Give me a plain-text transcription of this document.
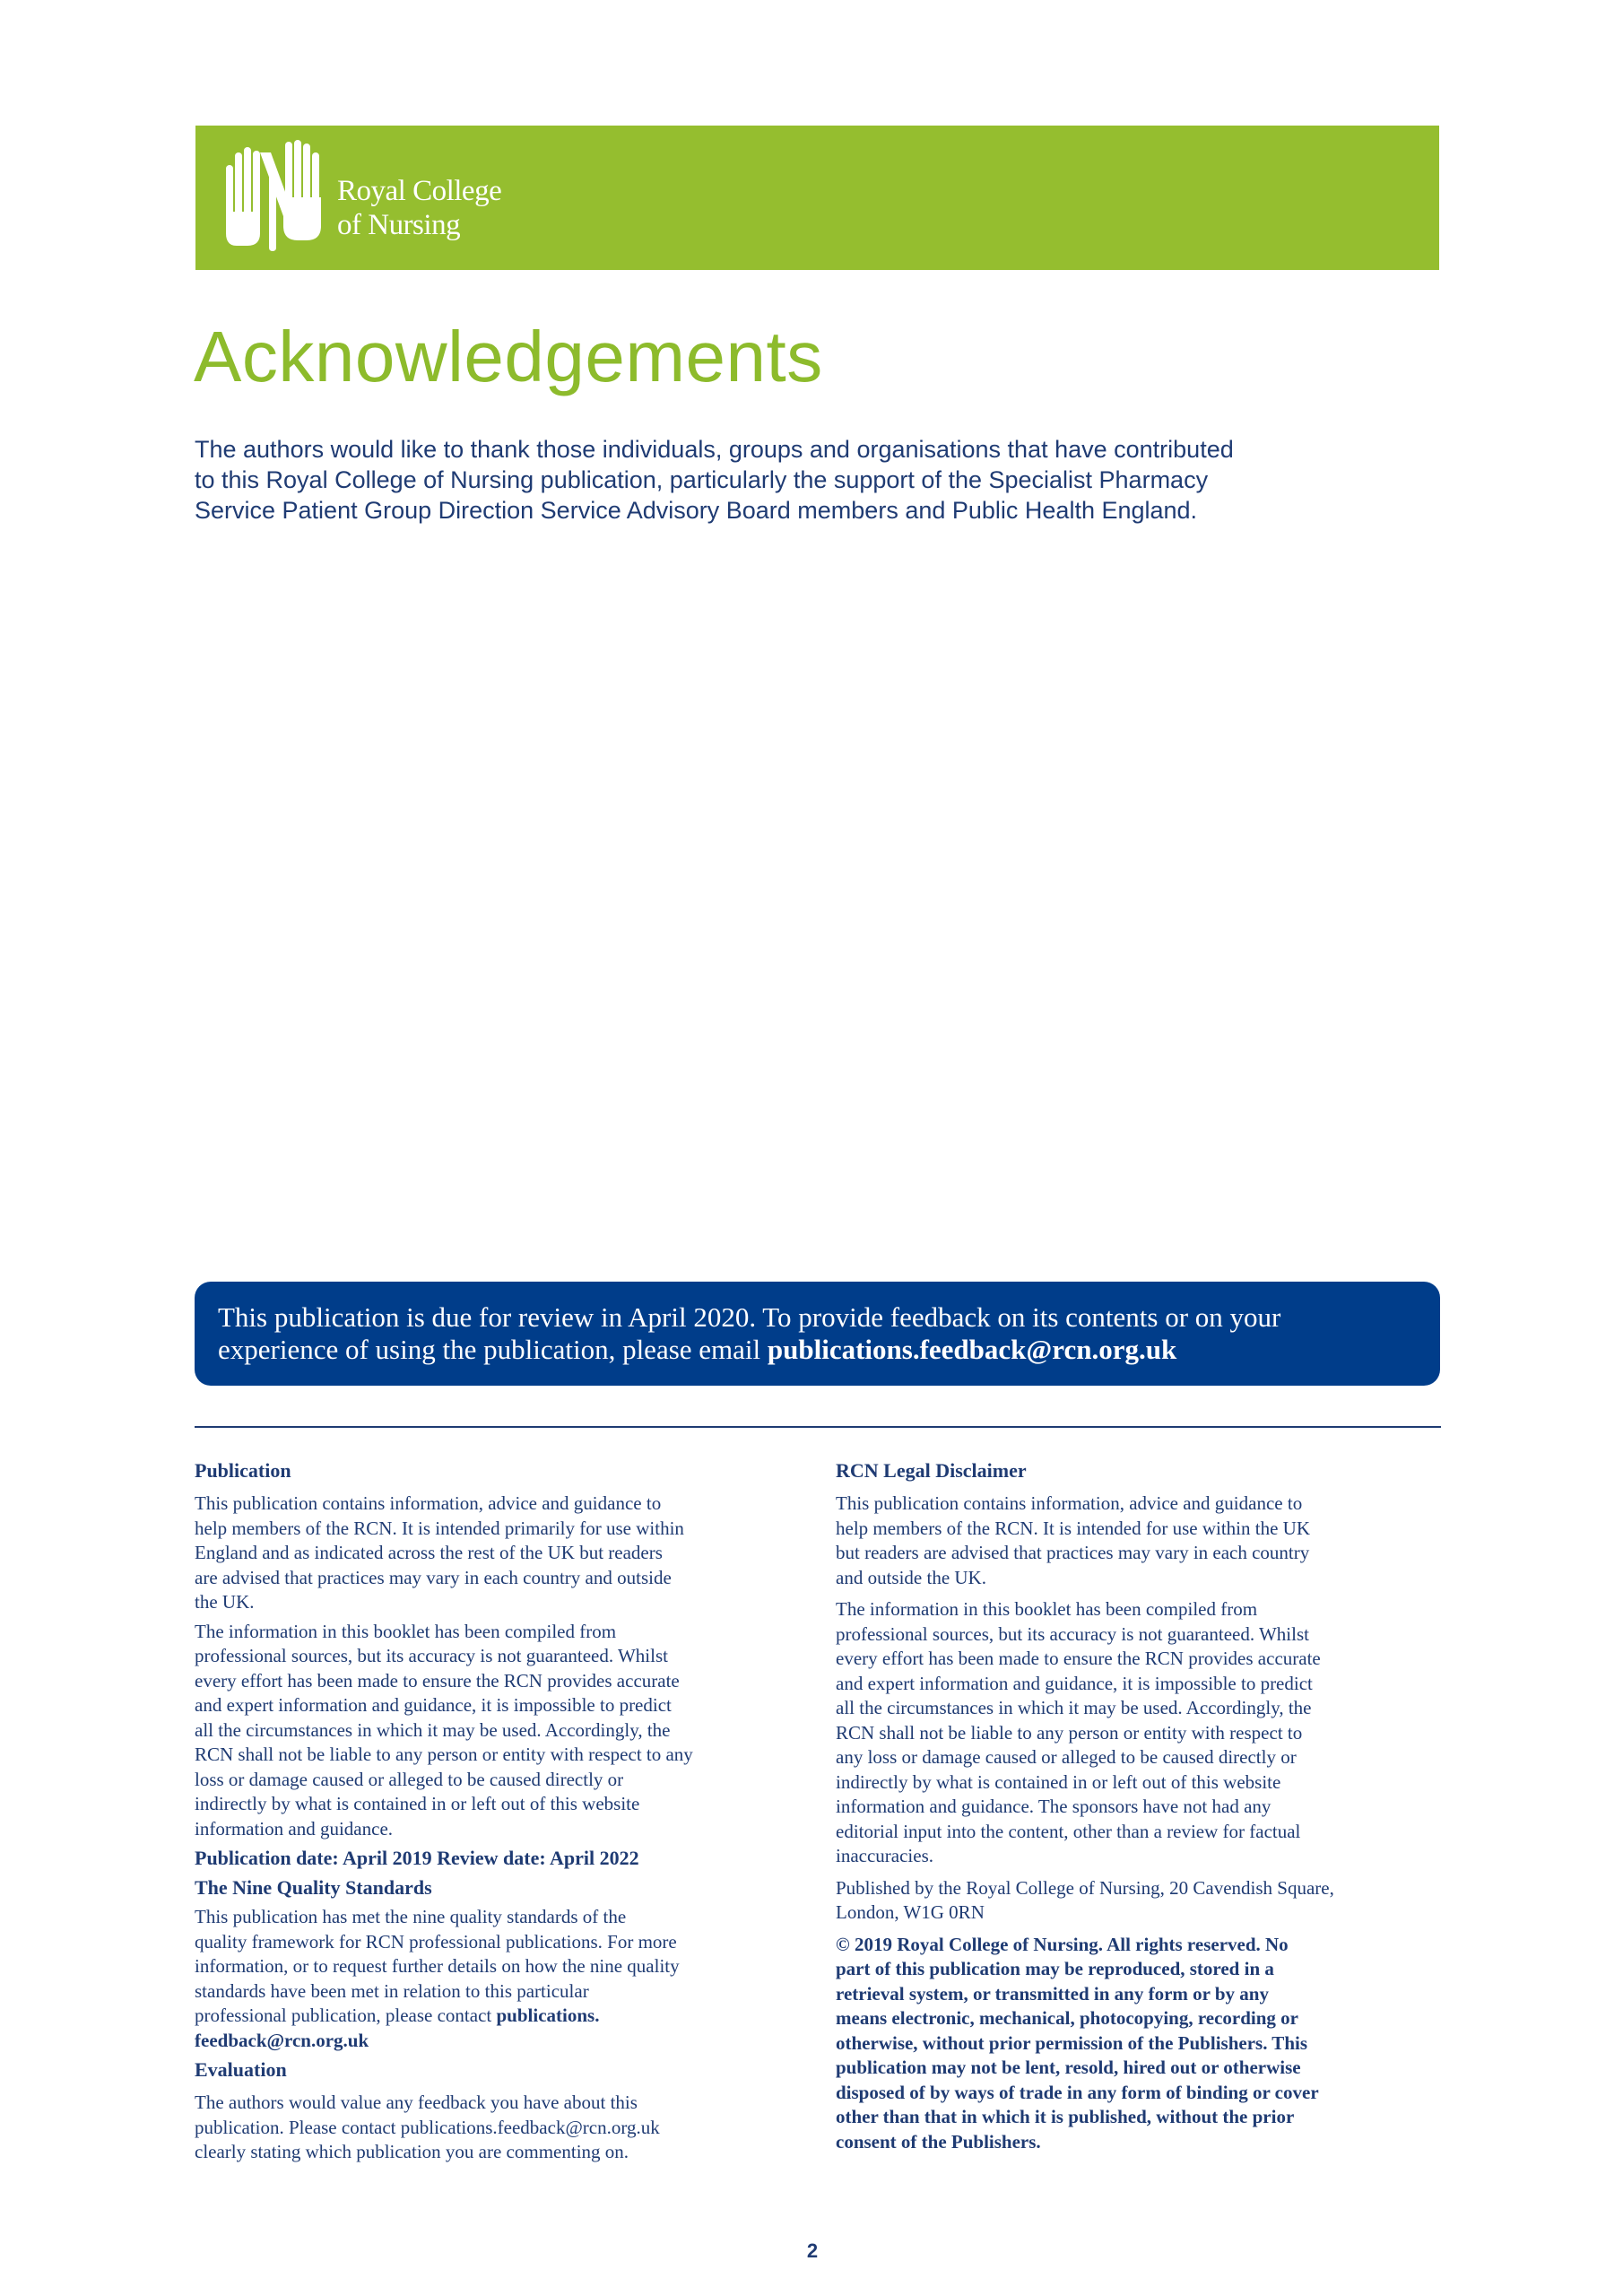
Royal College
of Nursing
Acknowledgements
The authors would like to thank those individuals, groups and organisations that have contributed
to this Royal College of Nursing publication, particularly the support of the Specialist Pharmacy
Service Patient Group Direction Service Advisory Board members and Public Health England.
This publication is due for review in April 2020. To provide feedback on its contents or on your
experience of using the publication, please email publications.feedback@rcn.org.uk
Publication

This publication contains information, advice and guidance to
help members of the RCN. It is intended primarily for use within
England and as indicated across the rest of the UK but readers
are advised that practices may vary in each country and outside
the UK.

The information in this booklet has been compiled from
professional sources, but its accuracy is not guaranteed. Whilst
every effort has been made to ensure the RCN provides accurate
and expert information and guidance, it is impossible to predict
all the circumstances in which it may be used. Accordingly, the
RCN shall not be liable to any person or entity with respect to any
loss or damage caused or alleged to be caused directly or
indirectly by what is contained in or left out of this website
information and guidance.

Publication date: April 2019 Review date: April 2022
The Nine Quality Standards

This publication has met the nine quality standards of the
quality framework for RCN professional publications. For more
information, or to request further details on how the nine quality
standards have been met in relation to this particular
professional publication, please contact publications.
feedback@rcn.org.uk

Evaluation

The authors would value any feedback you have about this
publication. Please contact publications.feedback@rcn.org.uk
clearly stating which publication you are commenting on.

RCN Legal Disclaimer

This publication contains information, advice and guidance to
help members of the RCN. It is intended for use within the UK
but readers are advised that practices may vary in each country
and outside the UK.

The information in this booklet has been compiled from
professional sources, but its accuracy is not guaranteed. Whilst
every effort has been made to ensure the RCN provides accurate
and expert information and guidance, it is impossible to predict
all the circumstances in which it may be used. Accordingly, the
RCN shall not be liable to any person or entity with respect to
any loss or damage caused or alleged to be caused directly or
indirectly by what is contained in or left out of this website
information and guidance. The sponsors have not had any
editorial input into the content, other than a review for factual
inaccuracies.

Published by the Royal College of Nursing, 20 Cavendish Square,
London, W1G 0RN

© 2019 Royal College of Nursing. All rights reserved. No
part of this publication may be reproduced, stored in a
retrieval system, or transmitted in any form or by any
means electronic, mechanical, photocopying, recording or
otherwise, without prior permission of the Publishers. This
publication may not be lent, resold, hired out or otherwise
disposed of by ways of trade in any form of binding or cover
other than that in which it is published, without the prior
consent of the Publishers.

2
